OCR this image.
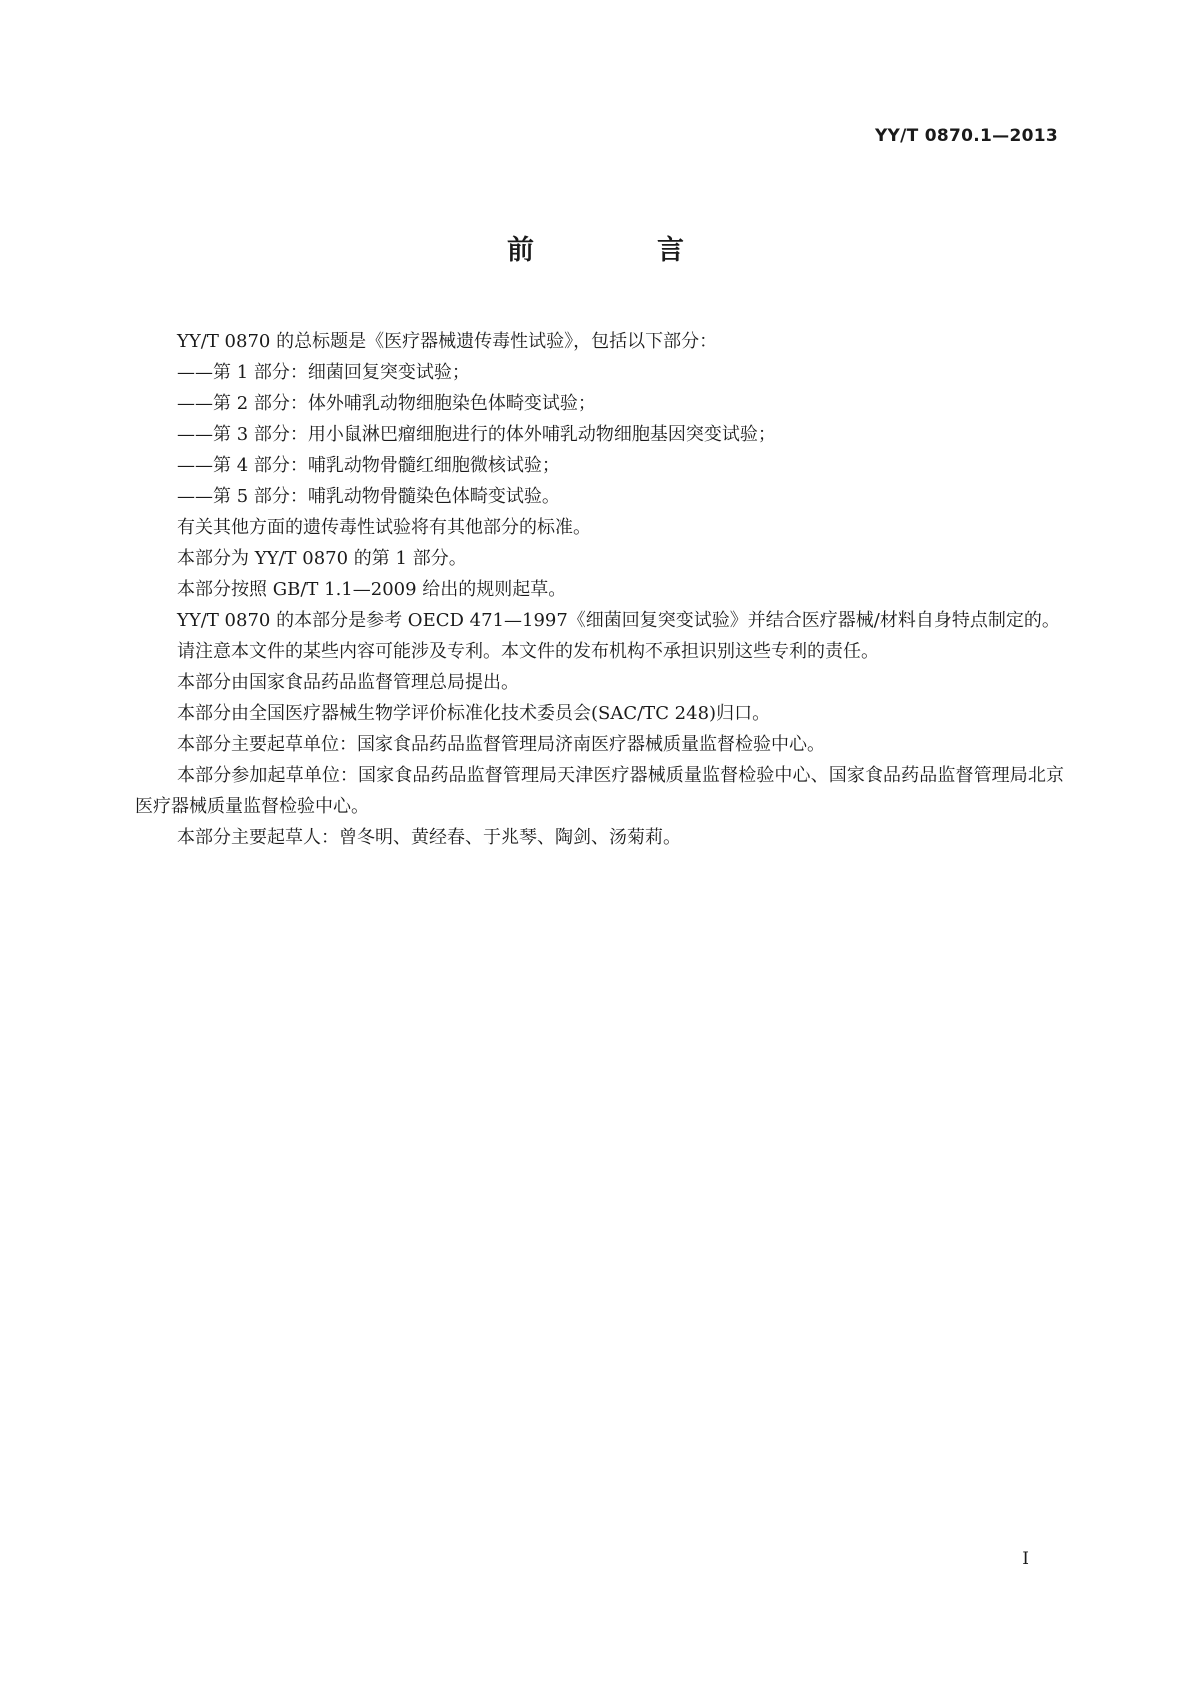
YY/T 0870.1—2013
前　言

YY/T 0870 的总标题是《医疗器械遗传毒性试验》，包括以下部分：

——第 1 部分：细菌回复突变试验；

——第 2 部分：体外哺乳动物细胞染色体畸变试验；

——第 3 部分：用小鼠淋巴瘤细胞进行的体外哺乳动物细胞基因突变试验；

——第 4 部分：哺乳动物骨髓红细胞微核试验；

——第 5 部分：哺乳动物骨髓染色体畸变试验。

有关其他方面的遗传毒性试验将有其他部分的标准。

本部分为 YY/T 0870 的第 1 部分。

本部分按照 GB/T 1.1—2009 给出的规则起草。

YY/T 0870 的本部分是参考 OECD 471—1997《细菌回复突变试验》并结合医疗器械/材料自身特点制定的。

请注意本文件的某些内容可能涉及专利。本文件的发布机构不承担识别这些专利的责任。

本部分由国家食品药品监督管理总局提出。

本部分由全国医疗器械生物学评价标准化技术委员会(SAC/TC 248)归口。

本部分主要起草单位：国家食品药品监督管理局济南医疗器械质量监督检验中心。

本部分参加起草单位：国家食品药品监督管理局天津医疗器械质量监督检验中心、国家食品药品监督管理局北京医疗器械质量监督检验中心。

本部分主要起草人：曾冬明、黄经春、于兆琴、陶剑、汤菊莉。

I
